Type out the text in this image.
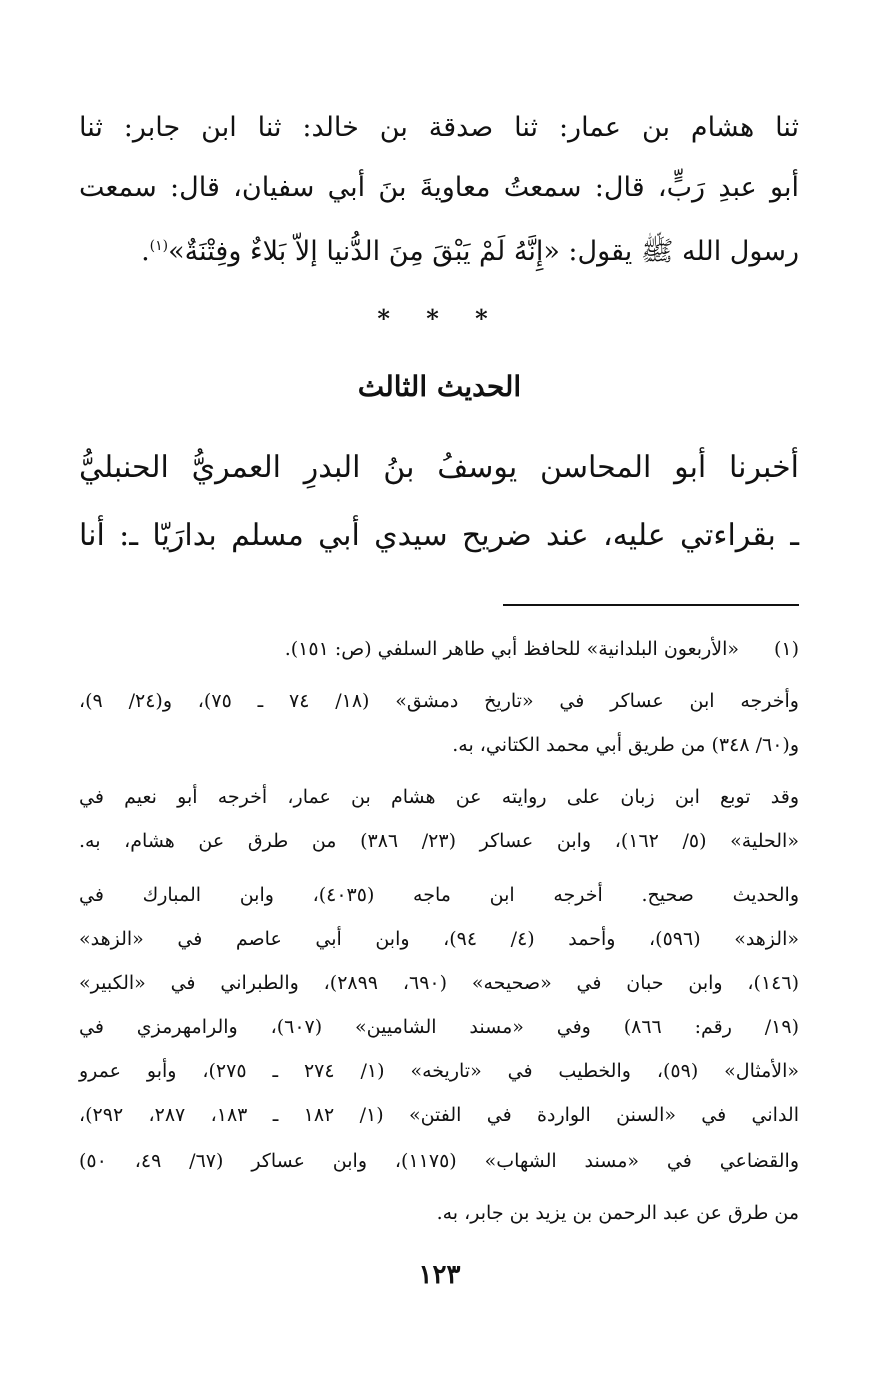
ثنا هشام بن عمار: ثنا صدقة بن خالد: ثنا ابن جابر: ثنا
أبو عبدِ رَبٍّ، قال: سمعتُ معاويةَ بنَ أبي سفيان، قال: سمعت
رسول الله ﷺ يقول: «إِنَّهُ لَمْ يَبْقَ مِنَ الدُّنيا إلاّ بَلاءٌ وفِتْنَةٌ»$^{(١)}$.
* * *
الحديث الثالث
أخبرنا أبو المحاسن يوسفُ بنُ البدرِ العمريُّ الحنبليُّ
ـ بقراءتي عليه، عند ضريح سيدي أبي مسلم بدارَيّا ـ: أنا
(١)
«الأربعون البلدانية» للحافظ أبي طاهر السلفي (ص: ١٥١).
وأخرجه ابن عساكر في «تاريخ دمشق» (١٨/ ٧٤ ـ ٧٥)، و(٢٤/ ٩)،
و(٦٠/ ٣٤٨) من طريق أبي محمد الكتاني، به.
وقد توبع ابن زبان على روايته عن هشام بن عمار، أخرجه أبو نعيم في
«الحلية» (٥/ ١٦٢)، وابن عساكر (٢٣/ ٣٨٦) من طرق عن هشام، به.
والحديث صحيح. أخرجه ابن ماجه (٤٠٣٥)، وابن المبارك في
«الزهد» (٥٩٦)، وأحمد (٤/ ٩٤)، وابن أبي عاصم في «الزهد»
(١٤٦)، وابن حبان في «صحيحه» (٦٩٠، ٢٨٩٩)، والطبراني في «الكبير»
(١٩/ رقم: ٨٦٦) وفي «مسند الشاميين» (٦٠٧)، والرامهرمزي في
«الأمثال» (٥٩)، والخطيب في «تاريخه» (١/ ٢٧٤ ـ ٢٧٥)، وأبو عمرو
الداني في «السنن الواردة في الفتن» (١/ ١٨٢ ـ ١٨٣، ٢٨٧، ٢٩٢)،
والقضاعي في «مسند الشهاب» (١١٧٥)، وابن عساكر (٦٧/ ٤٩، ٥٠)
من طرق عن عبد الرحمن بن يزيد بن جابر، به.
١٢٣
